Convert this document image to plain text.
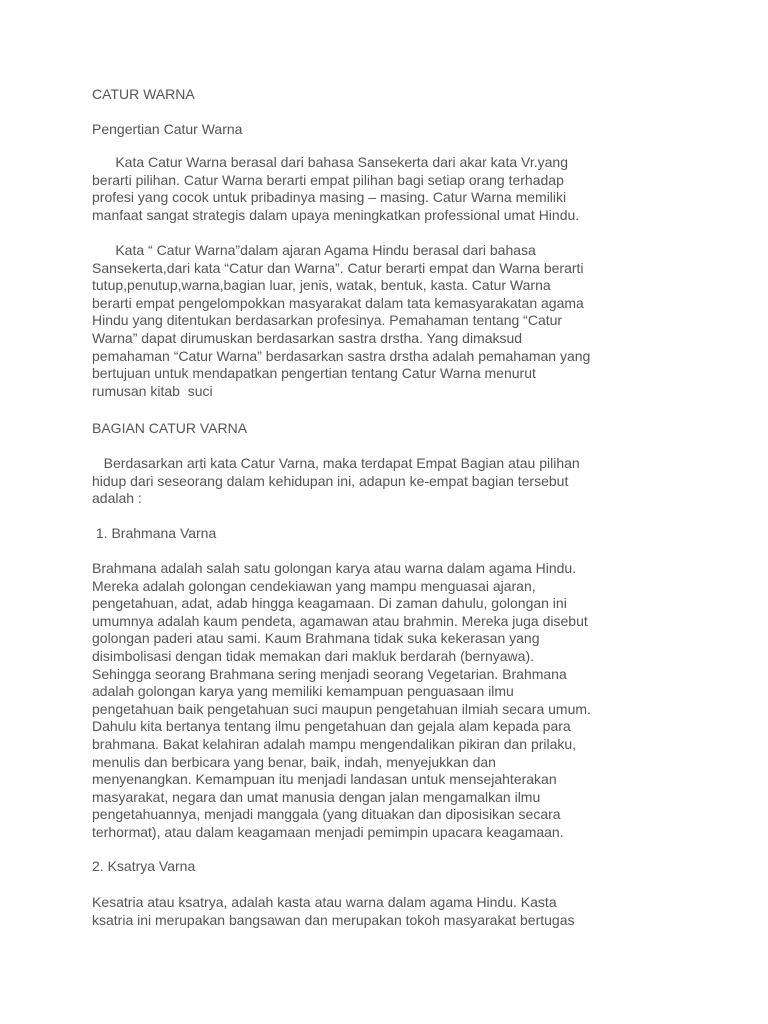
CATUR WARNA
Pengertian Catur Warna
Kata Catur Warna berasal dari bahasa Sansekerta dari akar kata Vr.yang
berarti pilihan. Catur Warna berarti empat pilihan bagi setiap orang terhadap
profesi yang cocok untuk pribadinya masing – masing. Catur Warna memiliki
manfaat sangat strategis dalam upaya meningkatkan professional umat Hindu.
Kata “ Catur Warna”dalam ajaran Agama Hindu berasal dari bahasa
Sansekerta,dari kata “Catur dan Warna”. Catur berarti empat dan Warna berarti
tutup,penutup,warna,bagian luar, jenis, watak, bentuk, kasta. Catur Warna
berarti empat pengelompokkan masyarakat dalam tata kemasyarakatan agama
Hindu yang ditentukan berdasarkan profesinya. Pemahaman tentang “Catur
Warna” dapat dirumuskan berdasarkan sastra drstha. Yang dimaksud
pemahaman “Catur Warna” berdasarkan sastra drstha adalah pemahaman yang
bertujuan untuk mendapatkan pengertian tentang Catur Warna menurut
rumusan kitab  suci
BAGIAN CATUR VARNA
Berdasarkan arti kata Catur Varna, maka terdapat Empat Bagian atau pilihan
hidup dari seseorang dalam kehidupan ini, adapun ke-empat bagian tersebut
adalah :
1. Brahmana Varna
Brahmana adalah salah satu golongan karya atau warna dalam agama Hindu.
Mereka adalah golongan cendekiawan yang mampu menguasai ajaran,
pengetahuan, adat, adab hingga keagamaan. Di zaman dahulu, golongan ini
umumnya adalah kaum pendeta, agamawan atau brahmin. Mereka juga disebut
golongan paderi atau sami. Kaum Brahmana tidak suka kekerasan yang
disimbolisasi dengan tidak memakan dari makluk berdarah (bernyawa).
Sehingga seorang Brahmana sering menjadi seorang Vegetarian. Brahmana
adalah golongan karya yang memiliki kemampuan penguasaan ilmu
pengetahuan baik pengetahuan suci maupun pengetahuan ilmiah secara umum.
Dahulu kita bertanya tentang ilmu pengetahuan dan gejala alam kepada para
brahmana. Bakat kelahiran adalah mampu mengendalikan pikiran dan prilaku,
menulis dan berbicara yang benar, baik, indah, menyejukkan dan
menyenangkan. Kemampuan itu menjadi landasan untuk mensejahterakan
masyarakat, negara dan umat manusia dengan jalan mengamalkan ilmu
pengetahuannya, menjadi manggala (yang dituakan dan diposisikan secara
terhormat), atau dalam keagamaan menjadi pemimpin upacara keagamaan.
2. Ksatrya Varna
Kesatria atau ksatrya, adalah kasta atau warna dalam agama Hindu. Kasta
ksatria ini merupakan bangsawan dan merupakan tokoh masyarakat bertugas
